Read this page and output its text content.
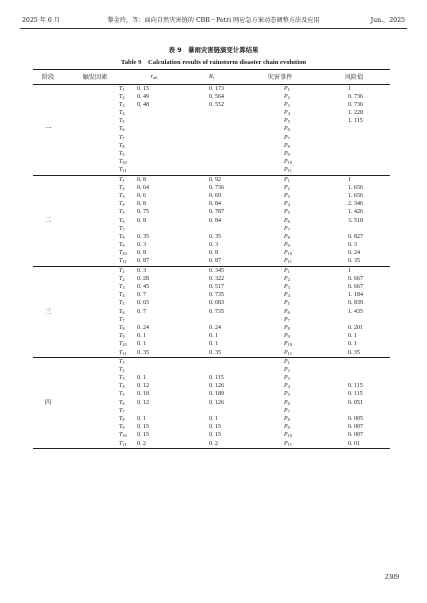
2025 年 6 月	黎金玲，等：面向自然灾害链的 CBR－Petri 网应急方案动态调整方法及应用	Jun.，2025
表 9　暴雨灾害链演变计算结果
Table 9　Calculation results of rainstorm disaster chain evolution
阶段	触发因素	$r_{ab}$	$R_i$	灾害事件	风险值
一	$T_1$	0. 15	0. 173	$P_1$	1
	$T_2$	0. 49	0. 564	$P_2$	0. 736
	$T_3$	0. 48	0. 552	$P_3$	0. 736
	$T_4$			$P_4$	1. 228
	$T_5$			$P_5$	1. 115
	$T_6$			$P_6$	
	$T_7$			$P_7$	
	$T_8$			$P_8$	
	$T_9$			$P_9$	
	$T_{10}$			$P_{10}$	
	$T_{11}$			$P_{11}$	
二	$T_1$	0. 8	0. 92	$P_1$	1
	$T_2$	0. 64	0. 736	$P_2$	1. 656
	$T_3$	0. 6	0. 69	$P_3$	1. 656
	$T_4$	0. 8	0. 84	$P_4$	2. 346
	$T_5$	0. 75	0. 787	$P_5$	1. 426
	$T_6$	0. 8	0. 84	$P_6$	3. 518
	$T_7$			$P_7$	
	$T_8$	0. 35	0. 35	$P_8$	0. 827
	$T_9$	0. 3	0. 3	$P_9$	0. 3
	$T_{10}$	0. 8	0. 8	$P_{10}$	0. 24
	$T_{11}$	0. 87	0. 87	$P_{11}$	0. 35
三	$T_1$	0. 3	0. 345	$P_1$	1
	$T_2$	0. 28	0. 322	$P_2$	0. 667
	$T_3$	0. 45	0. 517	$P_3$	0. 667
	$T_4$	0. 7	0. 735	$P_4$	1. 184
	$T_5$	0. 65	0. 683	$P_5$	0. 839
	$T_6$	0. 7	0. 735	$P_6$	1. 435
	$T_7$			$P_7$	
	$T_8$	0. 24	0. 24	$P_8$	0. 201
	$T_9$	0. 1	0. 1	$P_9$	0. 1
	$T_{10}$	0. 1	0. 1	$P_{10}$	0. 1
	$T_{11}$	0. 35	0. 35	$P_{11}$	0. 35
四	$T_1$			$P_1$	
	$T_2$			$P_2$	
	$T_3$	0. 1	0. 115	$P_3$	
	$T_4$	0. 12	0. 126	$P_4$	0. 115
	$T_5$	0. 18	0. 189	$P_5$	0. 115
	$T_6$	0. 12	0. 126	$P_6$	0. 051
	$T_7$			$P_7$	
	$T_8$	0. 1	0. 1	$P_8$	0. 005
	$T_9$	0. 15	0. 15	$P_9$	0. 007
	$T_{10}$	0. 15	0. 15	$P_{10}$	0. 007
	$T_{11}$	0. 2	0. 2	$P_{11}$	0. 01
2309
